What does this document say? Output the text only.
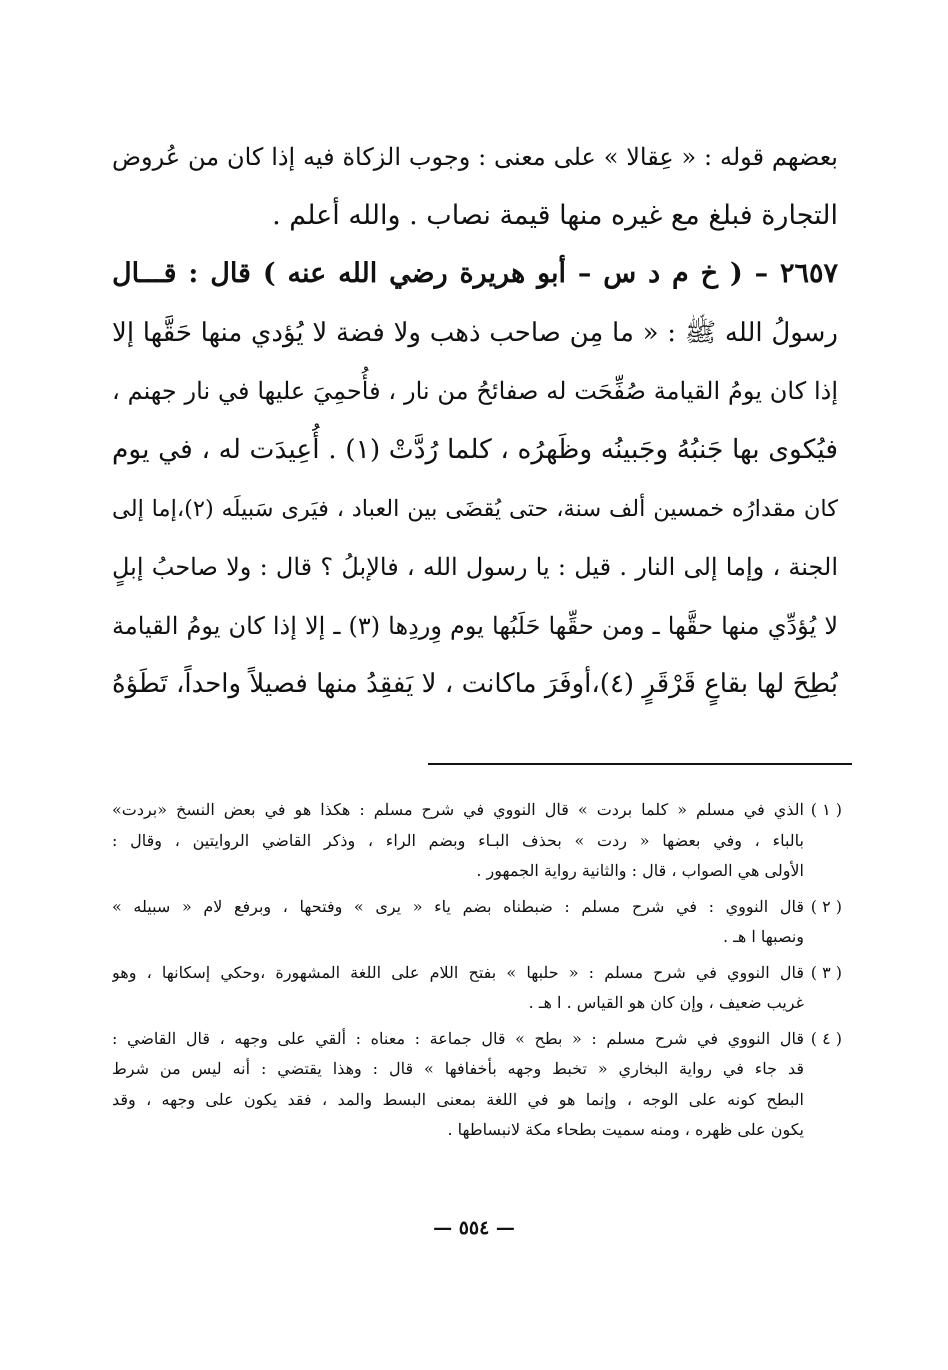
بعضهم قوله : « عِقالا » على معنى : وجوب الزكاة فيه إذا كان من عُروض
التجارة فبلغ مع غيره منها قيمة نصاب . والله أعلم .
٢٦٥٧ – ( خ م د س – أبو هريرة رضي الله عنه ) قال : قـــال
رسولُ الله ﷺ : « ما مِن صاحب ذهب ولا فضة لا يُؤدي منها حَقَّها إلا
إذا كان يومُ القيامة صُفِّحَت له صفائحُ من نار ، فأُحمِيَ عليها في نار جهنم ،
فيُكوى بها جَنبُهُ وجَبينُه وظَهرُه ، كلما رُدَّتْ (١) . أُعِيدَت له ، في يوم
كان مقدارُه خمسين ألف سنة، حتى يُقضَى بين العباد ، فيَرى سَبيلَه (٢)،إما إلى
الجنة ، وإما إلى النار . قيل : يا رسول الله ، فالإبلُ ؟ قال : ولا صاحبُ إبلٍ
لا يُؤدِّي منها حقَّها ـ ومن حقِّها حَلَبُها يوم وِردِها (٣) ـ إلا إذا كان يومُ القيامة
بُطِحَ لها بقاعٍ قَرْقَرٍ (٤)،أوفَرَ ماكانت ، لا يَفقِدُ منها فصيلاً واحداً، تَطَؤهُ
( ١ )
الذي في مسلم « كلما بردت » قال النووي في شرح مسلم : هكذا هو في بعض النسخ «بردت»
بالباء ، وفي بعضها « ردت » بحذف البـاء وبضم الراء ، وذكر القاضي الروايتين ، وقال :
الأولى هي الصواب ، قال : والثانية رواية الجمهور .
( ٢ )
قال النووي : في شرح مسلم : ضبطناه بضم ياء « يرى » وفتحها ، وبرفع لام « سبيله »
ونصبها ا هـ .
( ٣ )
قال النووي في شرح مسلم : « حلبها » بفتح اللام على اللغة المشهورة ،وحكي إسكانها ، وهو
غريب ضعيف ، وإن كان هو القياس . ا هـ .
( ٤ )
قال النووي في شرح مسلم : « بطح » قال جماعة : معناه : ألقي على وجهه ، قال القاضي :
قد جاء في رواية البخاري « تخبط وجهه بأخفافها » قال : وهذا يقتضي : أنه ليس من شرط
البطح كونه على الوجه ، وإنما هو في اللغة بمعنى البسط والمد ، فقد يكون على وجهه ، وقد
يكون على ظهره ، ومنه سميت بطحاء مكة لانبساطها .
— ٥٥٤ —
